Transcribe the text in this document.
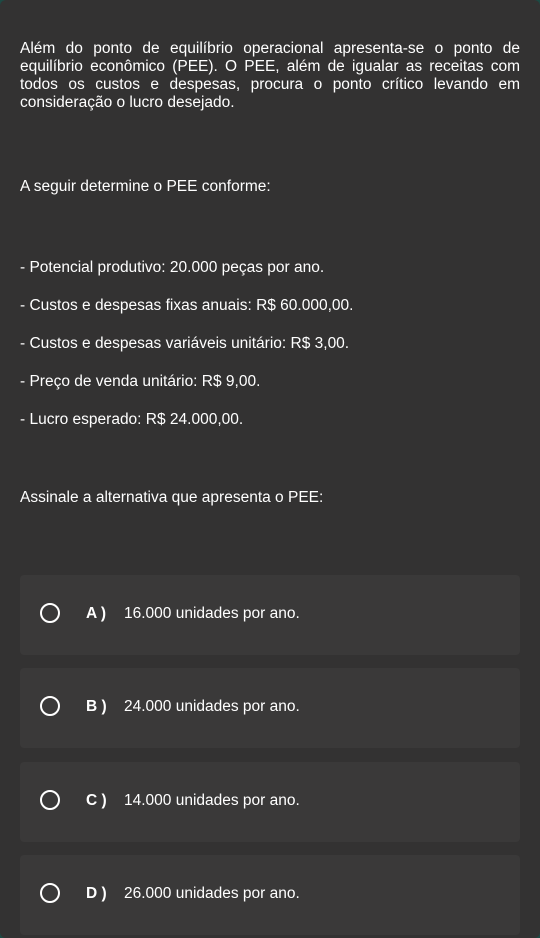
Além do ponto de equilíbrio operacional apresenta-se o ponto de equilíbrio econômico (PEE). O PEE, além de igualar as receitas com todos os custos e despesas, procura o ponto crítico levando em consideração o lucro desejado.

A seguir determine o PEE conforme:

- Potencial produtivo: 20.000 peças por ano.

- Custos e despesas fixas anuais: R$ 60.000,00.

- Custos e despesas variáveis unitário: R$ 3,00.

- Preço de venda unitário: R$ 9,00.

- Lucro esperado: R$ 24.000,00.

Assinale a alternativa que apresenta o PEE:

A ) 16.000 unidades por ano.
B ) 24.000 unidades por ano.
C ) 14.000 unidades por ano.
D ) 26.000 unidades por ano.
